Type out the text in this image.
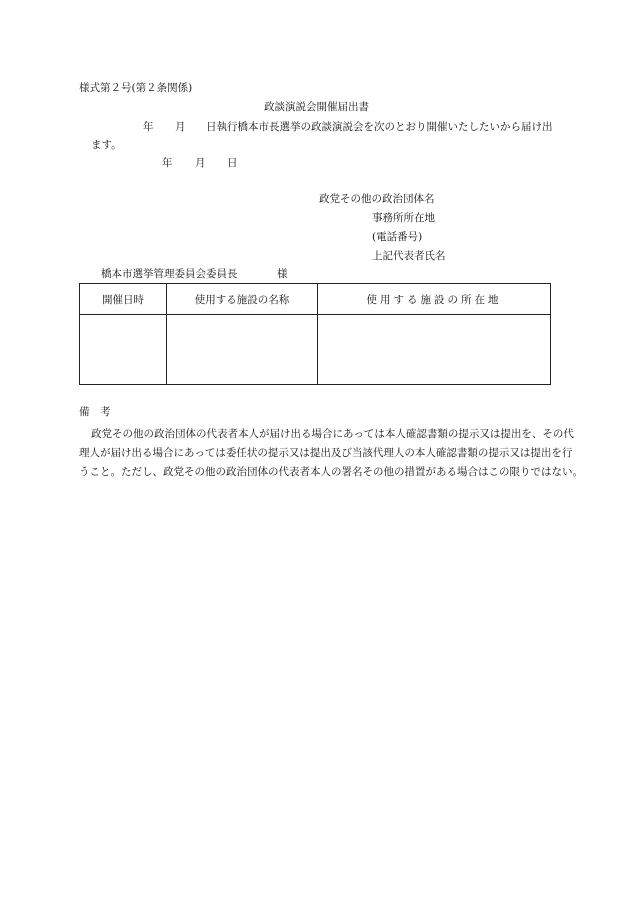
様式第２号(第２条関係)
政談演説会開催届出書
年 月 日執行橋本市長選挙の政談演説会を次のとおり開催いたしたいから届け出
ます。
年 月 日
政党その他の政治団体名
事務所所在地
(電話番号)
上記代表者氏名
橋本市選挙管理委員会委員長	様
開催日時	使用する施設の名称	使用する施設の所在地

備　考
政党その他の政治団体の代表者本人が届け出る場合にあっては本人確認書類の提示又は提出を、その代
理人が届け出る場合にあっては委任状の提示又は提出及び当該代理人の本人確認書類の提示又は提出を行
うこと。ただし、政党その他の政治団体の代表者本人の署名その他の措置がある場合はこの限りではない。
